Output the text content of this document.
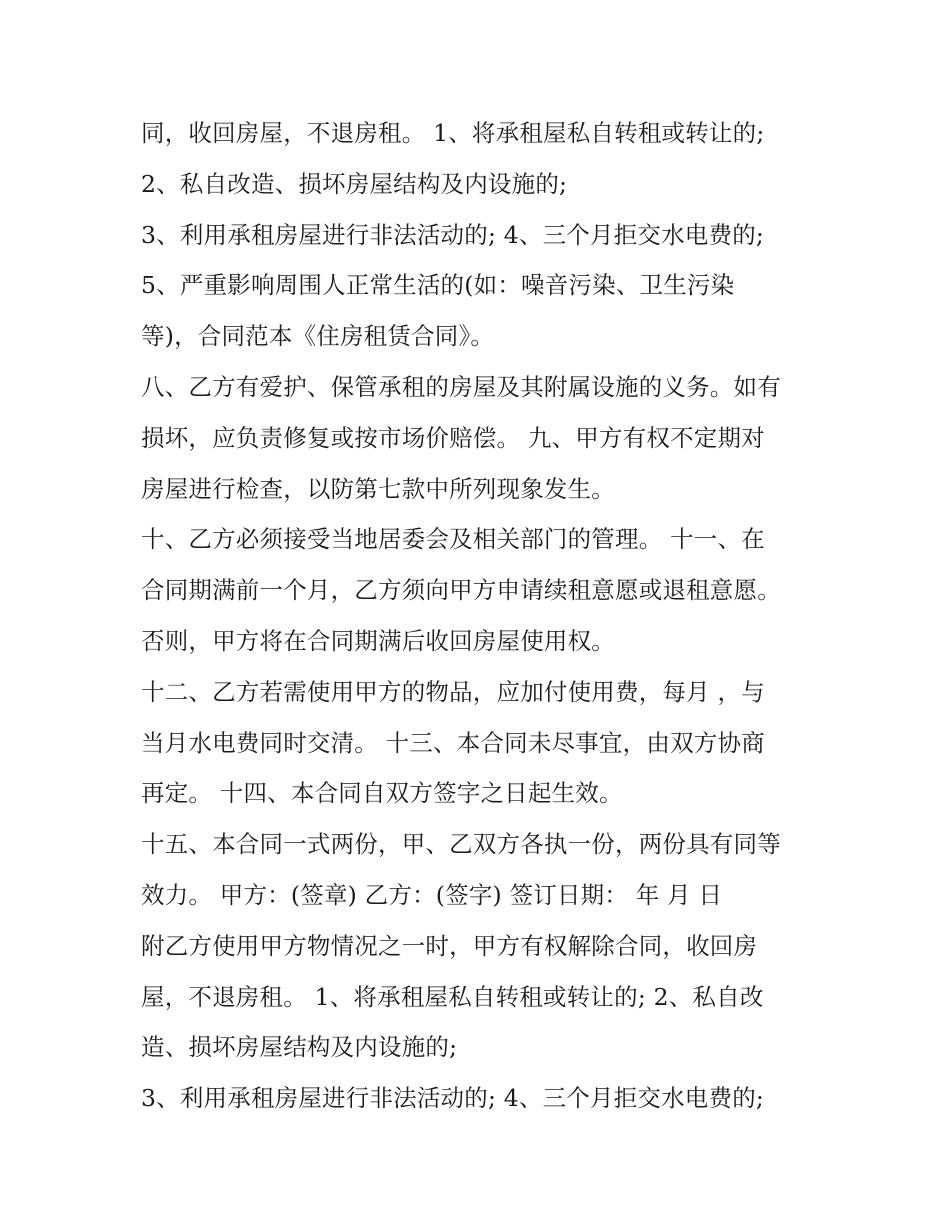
同，收回房屋，不退房租。 1、将承租屋私自转租或转让的;
2、私自改造、损坏房屋结构及内设施的;
3、利用承租房屋进行非法活动的; 4、三个月拒交水电费的;
5、严重影响周围人正常生活的(如：噪音污染、卫生污染
等)，合同范本《住房租赁合同》。
八、乙方有爱护、保管承租的房屋及其附属设施的义务。如有
损坏，应负责修复或按市场价赔偿。 九、甲方有权不定期对
房屋进行检查，以防第七款中所列现象发生。
十、乙方必须接受当地居委会及相关部门的管理。 十一、在
合同期满前一个月，乙方须向甲方申请续租意愿或退租意愿。
否则，甲方将在合同期满后收回房屋使用权。
十二、乙方若需使用甲方的物品，应加付使用费，每月 ，与
当月水电费同时交清。 十三、本合同未尽事宜，由双方协商
再定。 十四、本合同自双方签字之日起生效。
十五、本合同一式两份，甲、乙双方各执一份，两份具有同等
效力。 甲方：(签章) 乙方：(签字) 签订日期： 年 月 日
附乙方使用甲方物情况之一时，甲方有权解除合同，收回房
屋，不退房租。 1、将承租屋私自转租或转让的; 2、私自改
造、损坏房屋结构及内设施的;
3、利用承租房屋进行非法活动的; 4、三个月拒交水电费的;
